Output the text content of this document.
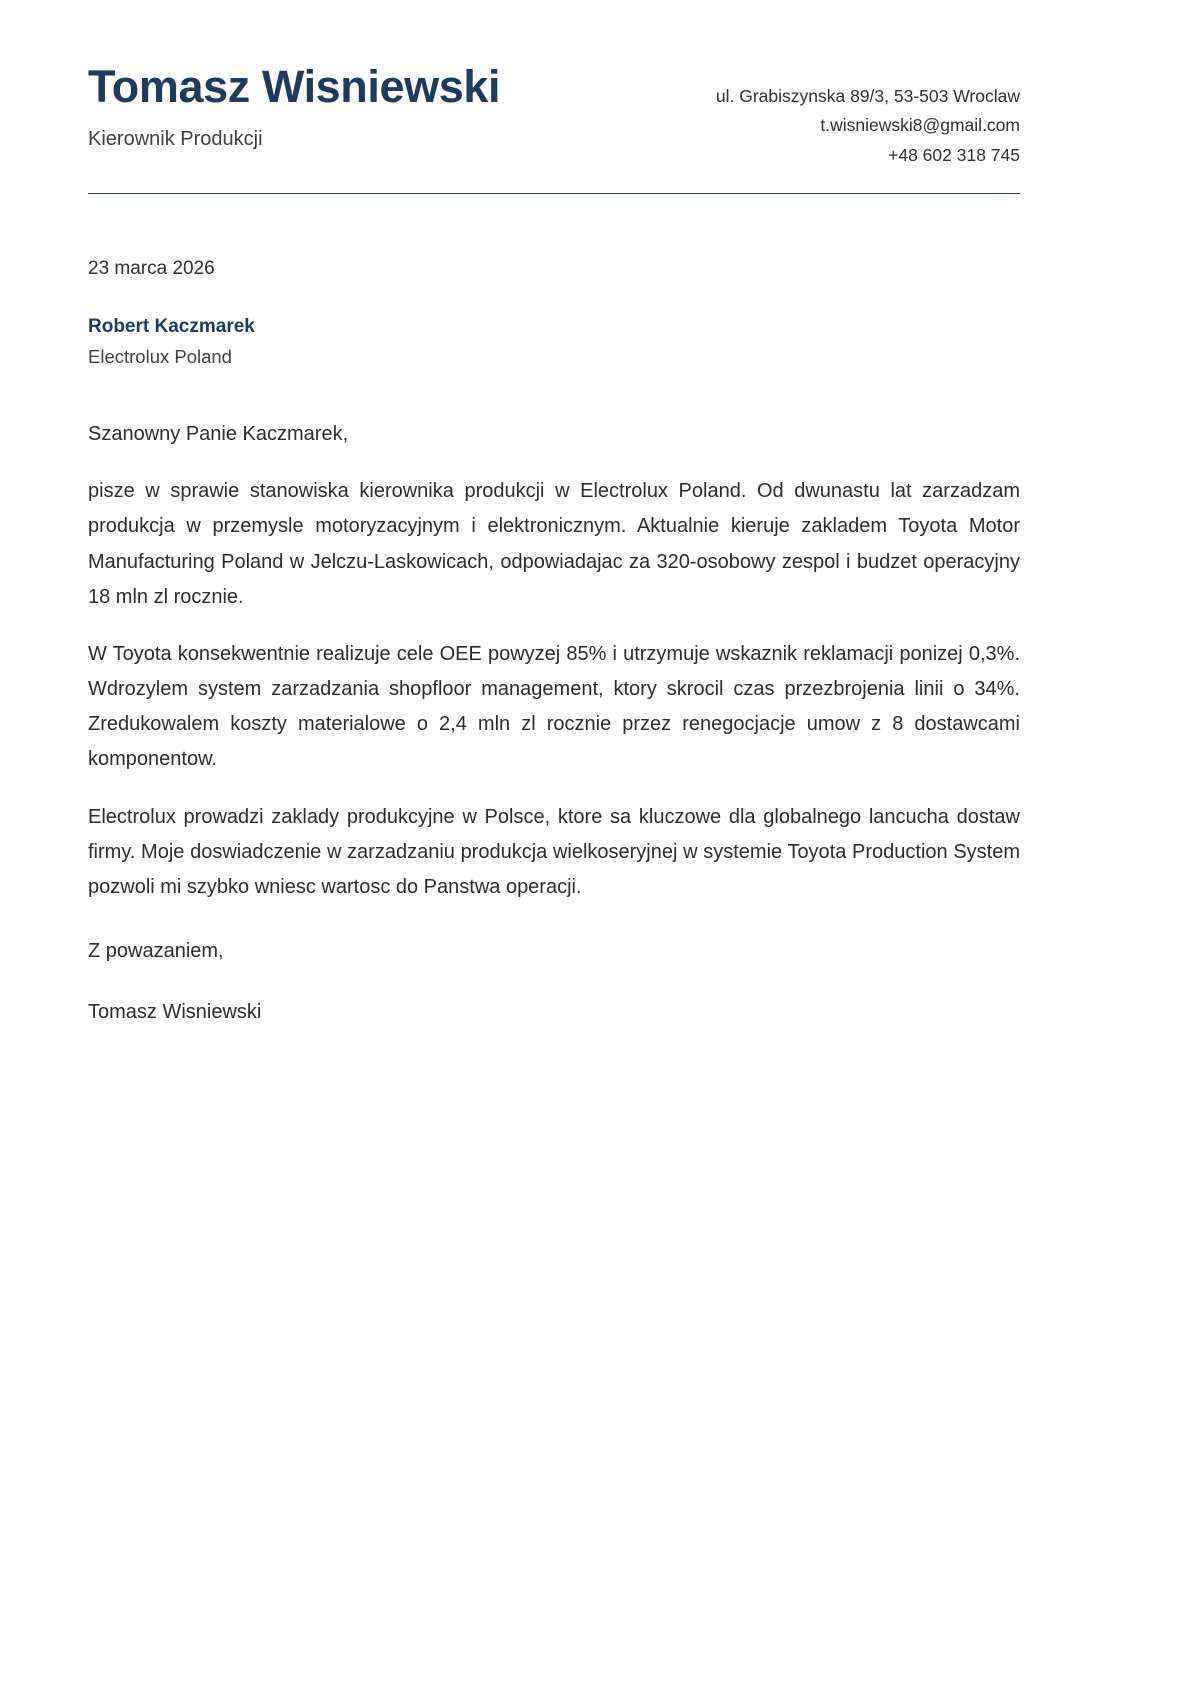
Tomasz Wisniewski
Kierownik Produkcji
ul. Grabiszynska 89/3, 53-503 Wroclaw
t.wisniewski8@gmail.com
+48 602 318 745
23 marca 2026
Robert Kaczmarek
Electrolux Poland
Szanowny Panie Kaczmarek,

pisze w sprawie stanowiska kierownika produkcji w Electrolux Poland. Od dwunastu lat zarzadzam produkcja w przemysle motoryzacyjnym i elektronicznym. Aktualnie kieruje zakladem Toyota Motor Manufacturing Poland w Jelczu-Laskowicach, odpowiadajac za 320-osobowy zespol i budzet operacyjny 18 mln zl rocznie.

W Toyota konsekwentnie realizuje cele OEE powyzej 85% i utrzymuje wskaznik reklamacji ponizej 0,3%. Wdrozylem system zarzadzania shopfloor management, ktory skrocil czas przezbrojenia linii o 34%. Zredukowalem koszty materialowe o 2,4 mln zl rocznie przez renegocjacje umow z 8 dostawcami komponentow.

Electrolux prowadzi zaklady produkcyjne w Polsce, ktore sa kluczowe dla globalnego lancucha dostaw firmy. Moje doswiadczenie w zarzadzaniu produkcja wielkoseryjnej w systemie Toyota Production System pozwoli mi szybko wniesc wartosc do Panstwa operacji.

Z powazaniem,
Tomasz Wisniewski
